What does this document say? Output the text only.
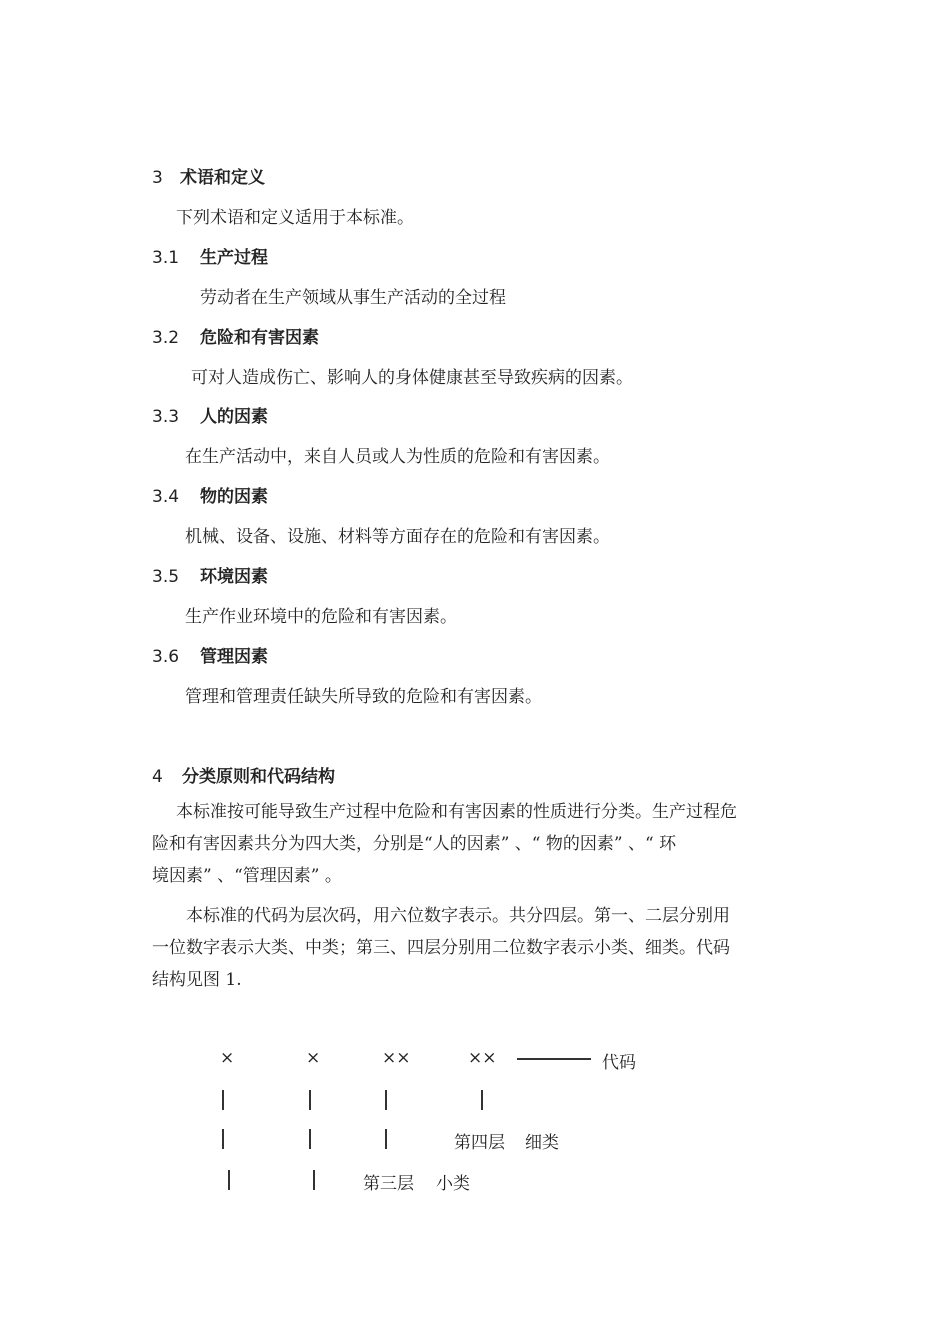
3 术语和定义
下列术语和定义适用于本标准。
3.1 生产过程
劳动者在生产领域从事生产活动的全过程
3.2 危险和有害因素
可对人造成伤亡、影响人的身体健康甚至导致疾病的因素。
3.3 人的因素
在生产活动中，来自人员或人为性质的危险和有害因素。
3.4 物的因素
机械、设备、设施、材料等方面存在的危险和有害因素。
3.5 环境因素
生产作业环境中的危险和有害因素。
3.6 管理因素
管理和管理责任缺失所导致的危险和有害因素。
4 分类原则和代码结构
本标准按可能导致生产过程中危险和有害因素的性质进行分类。生产过程危
险和有害因素共分为四大类，分别是“人的因素” 、“ 物的因素” 、“ 环
境因素” 、“管理因素” 。
本标准的代码为层次码，用六位数字表示。共分四层。第一、二层分别用
一位数字表示大类、中类；第三、四层分别用二位数字表示小类、细类。代码
结构见图 1.
×	×	××	××	代码
第四层 细类
第三层 小类
